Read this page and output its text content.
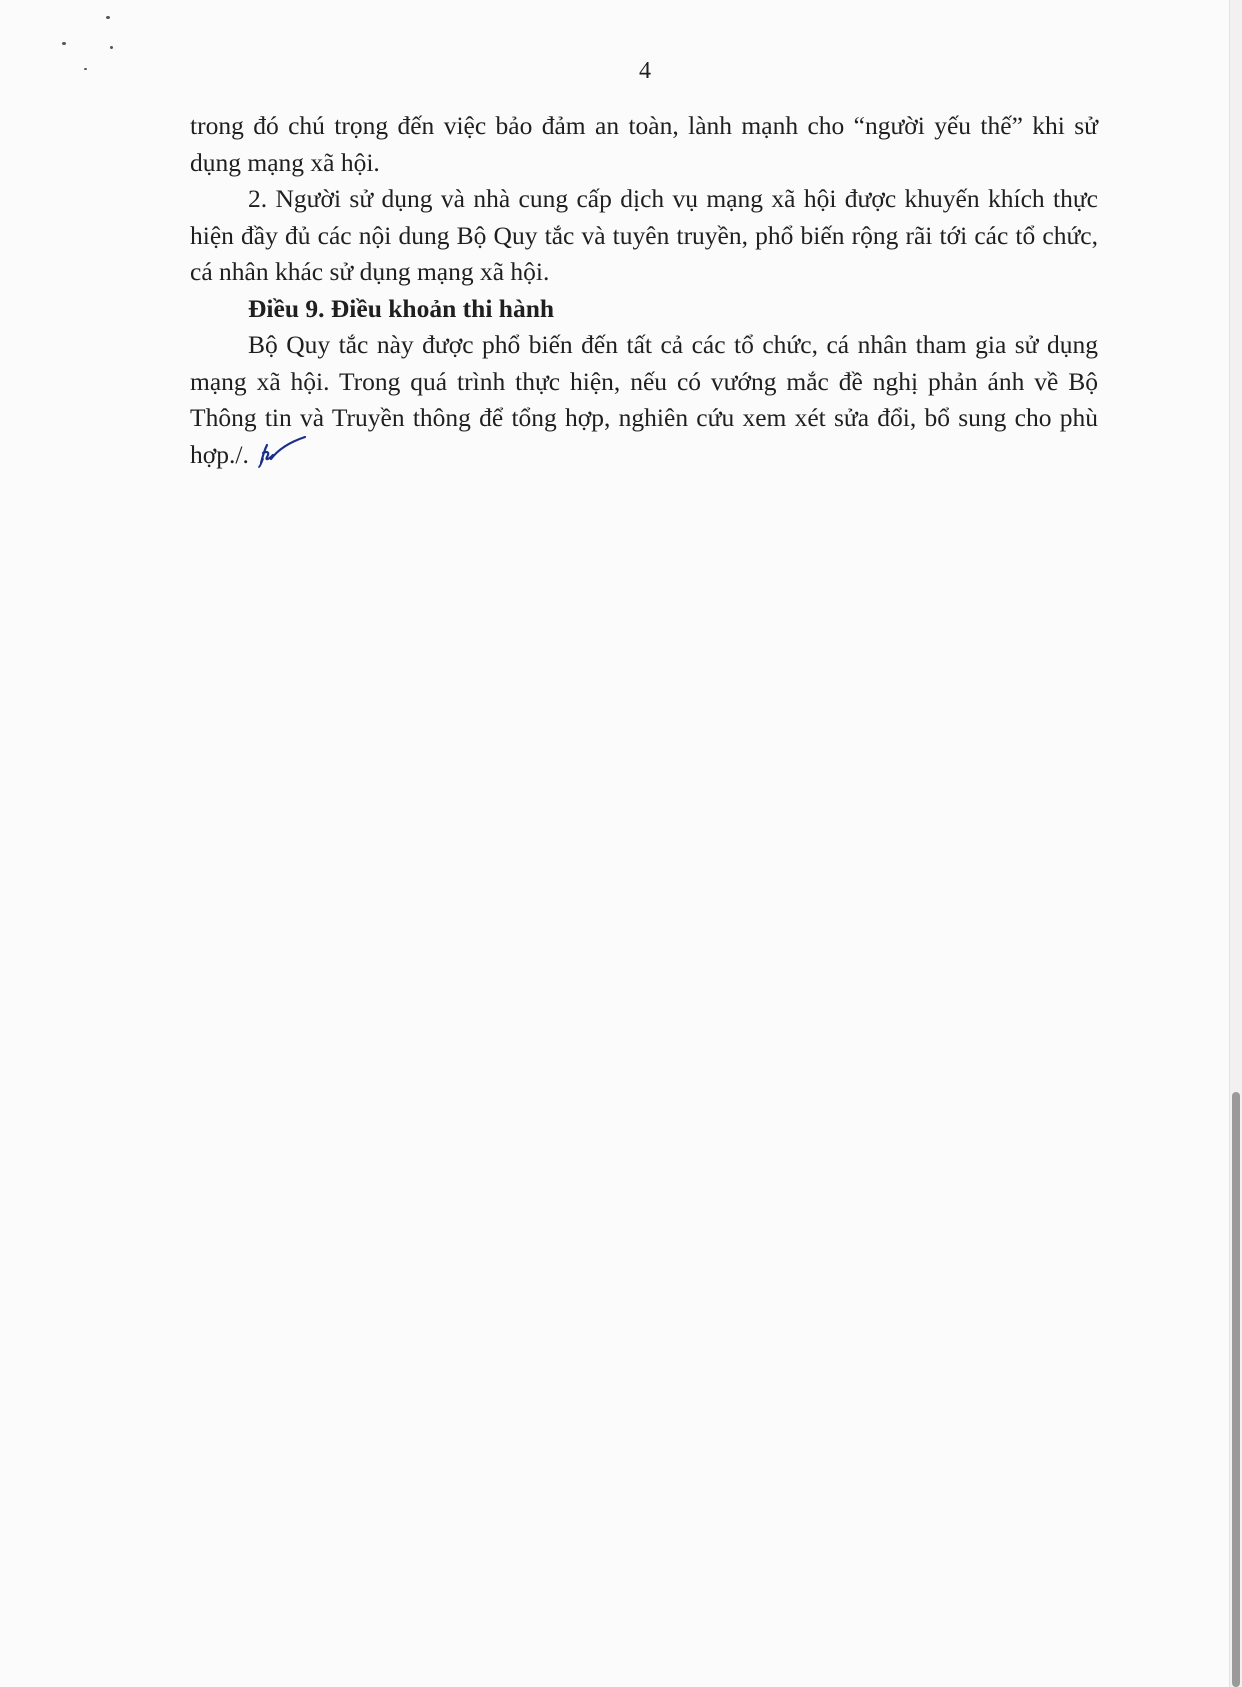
4

trong đó chú trọng đến việc bảo đảm an toàn, lành mạnh cho “người yếu thế” khi sử dụng mạng xã hội.

2. Người sử dụng và nhà cung cấp dịch vụ mạng xã hội được khuyến khích thực hiện đầy đủ các nội dung Bộ Quy tắc và tuyên truyền, phổ biến rộng rãi tới các tổ chức, cá nhân khác sử dụng mạng xã hội.

Điều 9. Điều khoản thi hành

Bộ Quy tắc này được phổ biến đến tất cả các tổ chức, cá nhân tham gia sử dụng mạng xã hội. Trong quá trình thực hiện, nếu có vướng mắc đề nghị phản ánh về Bộ Thông tin và Truyền thông để tổng hợp, nghiên cứu xem xét sửa đổi, bổ sung cho phù hợp./.
